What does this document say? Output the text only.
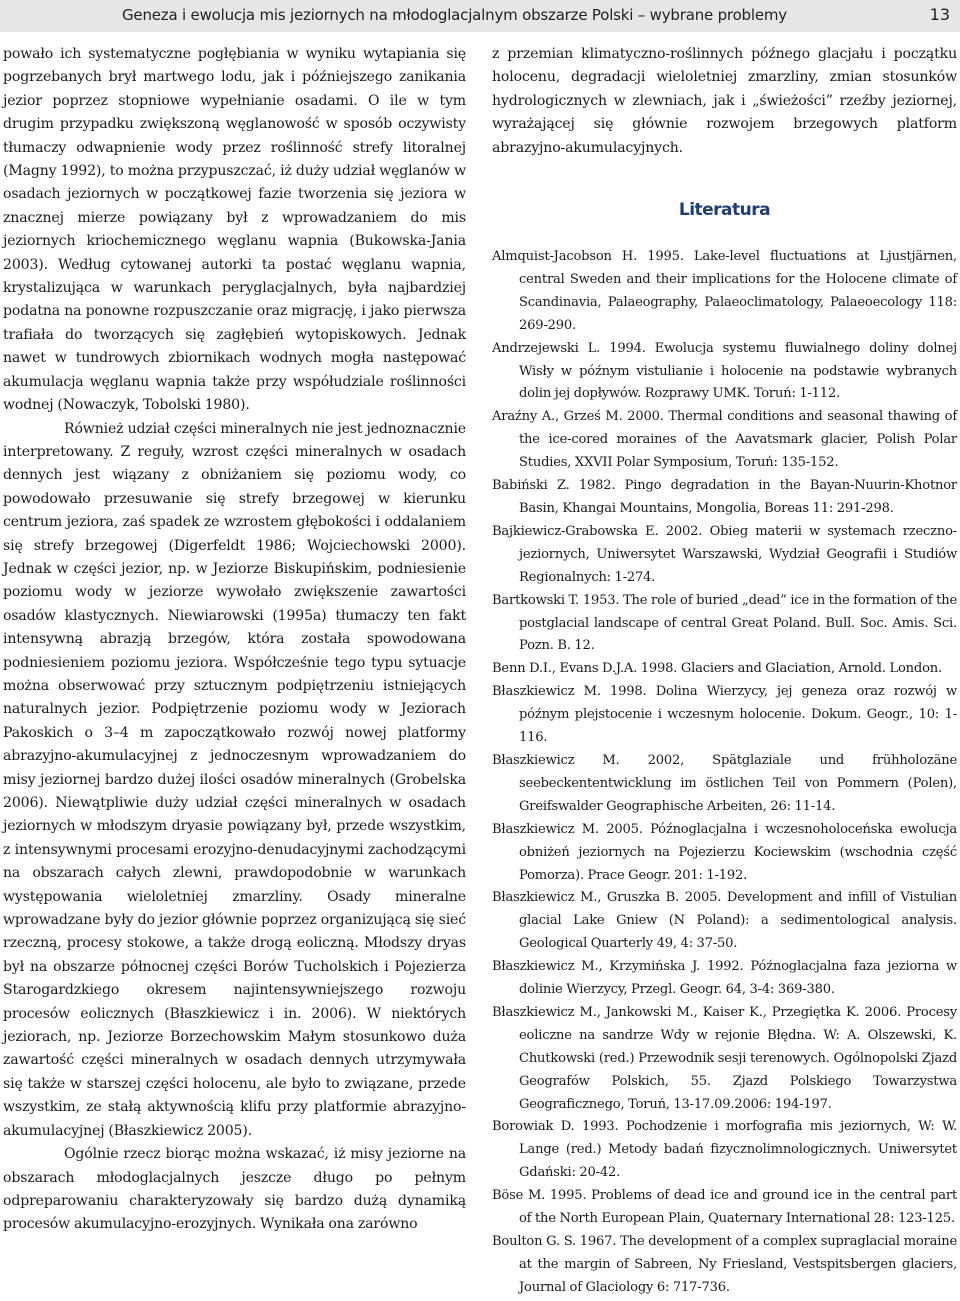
Geneza i ewolucja mis jeziornych na młodoglacjalnym obszarze Polski – wybrane problemy	13

powało ich systematyczne pogłębiania w wyniku wytapiania się pogrzebanych brył martwego lodu, jak i późniejszego zanikania jezior poprzez stopniowe wypełnianie osadami. O ile w tym drugim przypadku zwiększoną węglanowość w sposób oczywisty tłumaczy odwapnienie wody przez roślinność strefy litoralnej (Magny 1992), to można przypuszczać, iż duży udział węglanów w osadach jeziornych w początkowej fazie tworzenia się jeziora w znacznej mierze powiązany był z wprowadzaniem do mis jeziornych kriochemicznego węglanu wapnia (Bukowska-Jania 2003). Według cytowanej autorki ta postać węglanu wapnia, krystalizująca w warunkach peryglacjalnych, była najbardziej podatna na ponowne rozpuszczanie oraz migrację, i jako pierwsza trafiała do tworzących się zagłębień wytopiskowych. Jednak nawet w tundrowych zbiornikach wodnych mogła następować akumulacja węglanu wapnia także przy współudziale roślinności wodnej (Nowaczyk, Tobolski 1980).

Również udział części mineralnych nie jest jednoznacznie interpretowany. Z reguły, wzrost części mineralnych w osadach dennych jest wiązany z obniżaniem się poziomu wody, co powodowało przesuwanie się strefy brzegowej w kierunku centrum jeziora, zaś spadek ze wzrostem głębokości i oddalaniem się strefy brzegowej (Digerfeldt 1986; Wojciechowski 2000). Jednak w części jezior, np. w Jeziorze Biskupińskim, podniesienie poziomu wody w jeziorze wywołało zwiększenie zawartości osadów klastycznych. Niewiarowski (1995a) tłumaczy ten fakt intensywną abrazją brzegów, która została spowodowana podniesieniem poziomu jeziora. Współcześnie tego typu sytuacje można obserwować przy sztucznym podpiętrzeniu istniejących naturalnych jezior. Podpiętrzenie poziomu wody w Jeziorach Pakoskich o 3–4 m zapoczątkowało rozwój nowej platformy abrazyjno-akumulacyjnej z jednoczesnym wprowadzaniem do misy jeziornej bardzo dużej ilości osadów mineralnych (Grobelska 2006). Niewątpliwie duży udział części mineralnych w osadach jeziornych w młodszym dryasie powiązany był, przede wszystkim, z intensywnymi procesami erozyjno-denudacyjnymi zachodzącymi na obszarach całych zlewni, prawdopodobnie w warunkach występowania wieloletniej zmarzliny. Osady mineralne wprowadzane były do jezior głównie poprzez organizującą się sieć rzeczną, procesy stokowe, a także drogą eoliczną. Młodszy dryas był na obszarze północnej części Borów Tucholskich i Pojezierza Starogardzkiego okresem najintensywniejszego rozwoju procesów eolicznych (Błaszkiewicz i in. 2006). W niektórych jeziorach, np. Jeziorze Borzechowskim Małym stosunkowo duża zawartość części mineralnych w osadach dennych utrzymywała się także w starszej części holocenu, ale było to związane, przede wszystkim, ze stałą aktywnością klifu przy platformie abrazyjno-akumulacyjnej (Błaszkiewicz 2005).

Ogólnie rzecz biorąc można wskazać, iż misy jeziorne na obszarach młodoglacjalnych jeszcze długo po pełnym odpreparowaniu charakteryzowały się bardzo dużą dynamiką procesów akumulacyjno-erozyjnych. Wynikała ona zarówno

z przemian klimatyczno-roślinnych późnego glacjału i początku holocenu, degradacji wieloletniej zmarzliny, zmian stosunków hydrologicznych w zlewniach, jak i „świeżości” rzeźby jeziornej, wyrażającej się głównie rozwojem brzegowych platform abrazyjno-akumulacyjnych.

Literatura

Almquist-Jacobson H. 1995. Lake-level fluctuations at Ljustjärnen, central Sweden and their implications for the Holocene climate of Scandinavia, Palaeography, Palaeoclimatology, Palaeoecology 118: 269-290.

Andrzejewski L. 1994. Ewolucja systemu fluwialnego doliny dolnej Wisły w późnym vistulianie i holocenie na podstawie wybranych dolin jej dopływów. Rozprawy UMK. Toruń: 1-112.

Araźny A., Grześ M. 2000. Thermal conditions and seasonal thawing of the ice-cored moraines of the Aavatsmark glacier, Polish Polar Studies, XXVII Polar Symposium, Toruń: 135-152.

Babiński Z. 1982. Pingo degradation in the Bayan-Nuurin-Khotnor Basin, Khangai Mountains, Mongolia, Boreas 11: 291-298.

Bajkiewicz-Grabowska E. 2002. Obieg materii w systemach rzeczno-jeziornych, Uniwersytet Warszawski, Wydział Geografii i Studiów Regionalnych: 1-274.

Bartkowski T. 1953. The role of buried „dead” ice in the formation of the postglacial landscape of central Great Poland. Bull. Soc. Amis. Sci. Pozn. B. 12.

Benn D.I., Evans D.J.A. 1998. Glaciers and Glaciation, Arnold. London.

Błaszkiewicz M. 1998. Dolina Wierzycy, jej geneza oraz rozwój w późnym plejstocenie i wczesnym holocenie. Dokum. Geogr., 10: 1-116.

Błaszkiewicz M. 2002, Spätglaziale und frühholozäne seebeckententwicklung im östlichen Teil von Pommern (Polen), Greifswalder Geographische Arbeiten, 26: 11-14.

Błaszkiewicz M. 2005. Późnoglacjalna i wczesnoholoceńska ewolucja obniżeń jeziornych na Pojezierzu Kociewskim (wschodnia część Pomorza). Prace Geogr. 201: 1-192.

Błaszkiewicz M., Gruszka B. 2005. Development and infill of Vistulian glacial Lake Gniew (N Poland): a sedimentological analysis. Geological Quarterly 49, 4: 37-50.

Błaszkiewicz M., Krzymińska J. 1992. Późnoglacjalna faza jeziorna w dolinie Wierzycy, Przegl. Geogr. 64, 3-4: 369-380.

Błaszkiewicz M., Jankowski M., Kaiser K., Przegiętka K. 2006. Procesy eoliczne na sandrze Wdy w rejonie Błędna. W: A. Olszewski, K. Chutkowski (red.) Przewodnik sesji terenowych. Ogólnopolski Zjazd Geografów Polskich, 55. Zjazd Polskiego Towarzystwa Geograficznego, Toruń, 13-17.09.2006: 194-197.

Borowiak D. 1993. Pochodzenie i morfografia mis jeziornych, W: W. Lange (red.) Metody badań fizycznolimnologicznych. Uniwersytet Gdański: 20-42.

Böse M. 1995. Problems of dead ice and ground ice in the central part of the North European Plain, Quaternary International 28: 123-125.

Boulton G. S. 1967. The development of a complex supraglacial moraine at the margin of Sabreen, Ny Friesland, Vestspitsbergen glaciers, Journal of Glaciology 6: 717-736.
